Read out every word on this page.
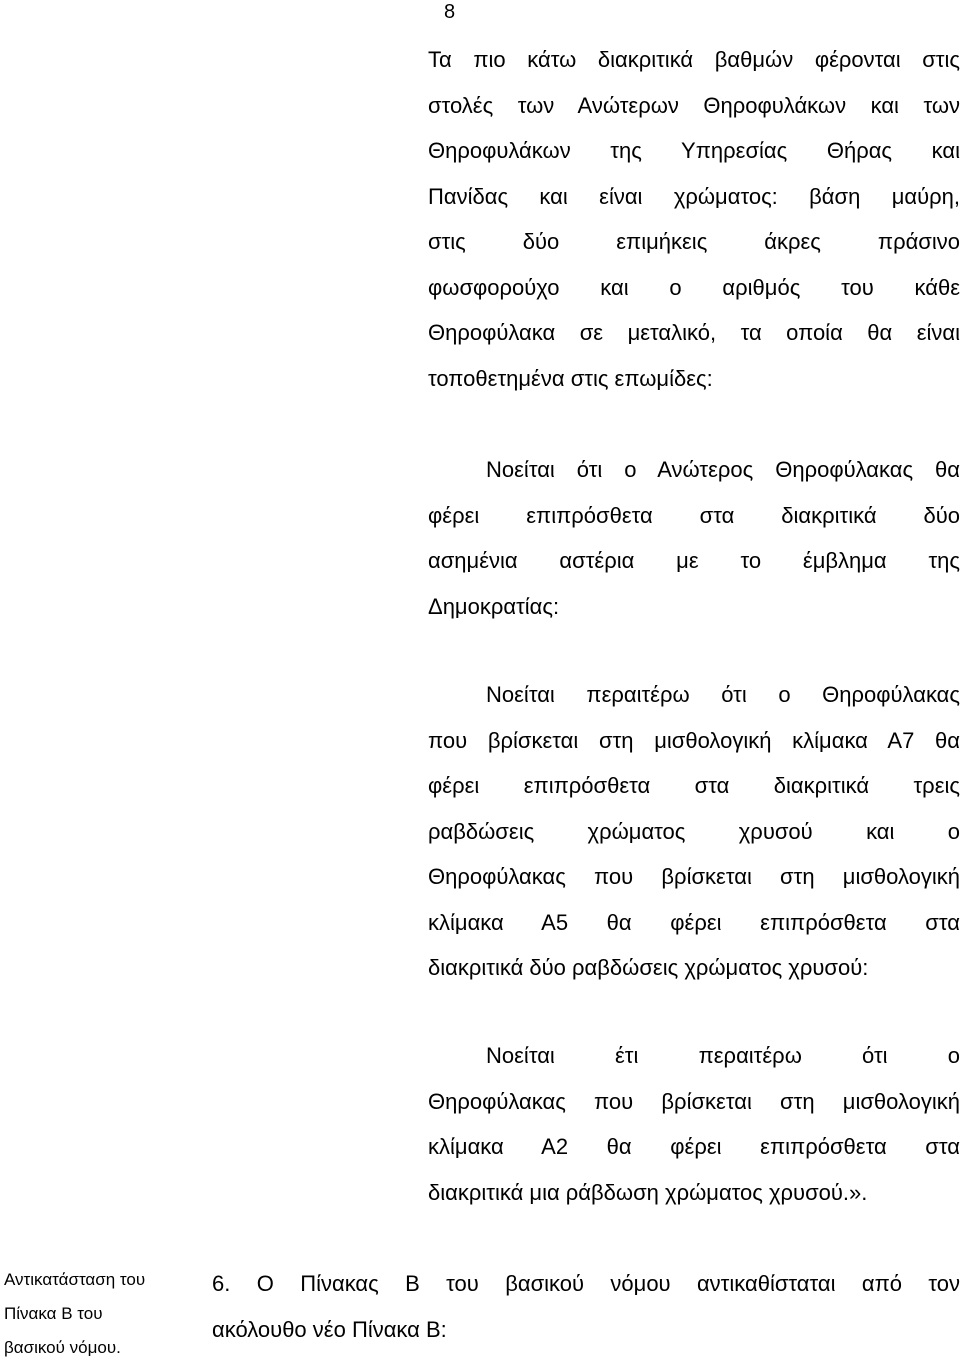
8
Τα πιο κάτω διακριτικά βαθμών φέρονται στις
στολές των Ανώτερων Θηροφυλάκων και των
Θηροφυλάκων της Υπηρεσίας Θήρας και
Πανίδας και είναι χρώματος: βάση μαύρη,
στις δύο επιμήκεις άκρες πράσινο
φωσφορούχο και ο αριθμός του κάθε
Θηροφύλακα σε μεταλικό, τα οποία θα είναι
τοποθετημένα στις επωμίδες:
Νοείται ότι ο Ανώτερος Θηροφύλακας θα
φέρει επιπρόσθετα στα διακριτικά δύο
ασημένια αστέρια με το έμβλημα της
Δημοκρατίας:
Νοείται περαιτέρω ότι ο Θηροφύλακας
που βρίσκεται στη μισθολογική κλίμακα Α7 θα
φέρει επιπρόσθετα στα διακριτικά τρεις
ραβδώσεις χρώματος χρυσού και ο
Θηροφύλακας που βρίσκεται στη μισθολογική
κλίμακα Α5 θα φέρει επιπρόσθετα στα
διακριτικά δύο ραβδώσεις χρώματος χρυσού:
Νοείται έτι περαιτέρω ότι ο
Θηροφύλακας που βρίσκεται στη μισθολογική
κλίμακα Α2 θα φέρει επιπρόσθετα στα
διακριτικά μια ράβδωση χρώματος χρυσού.».
Αντικατάσταση του
Πίνακα Β του
βασικού νόμου.
6. Ο Πίνακας Β του βασικού νόμου αντικαθίσταται από τον
ακόλουθο νέο Πίνακα Β:
